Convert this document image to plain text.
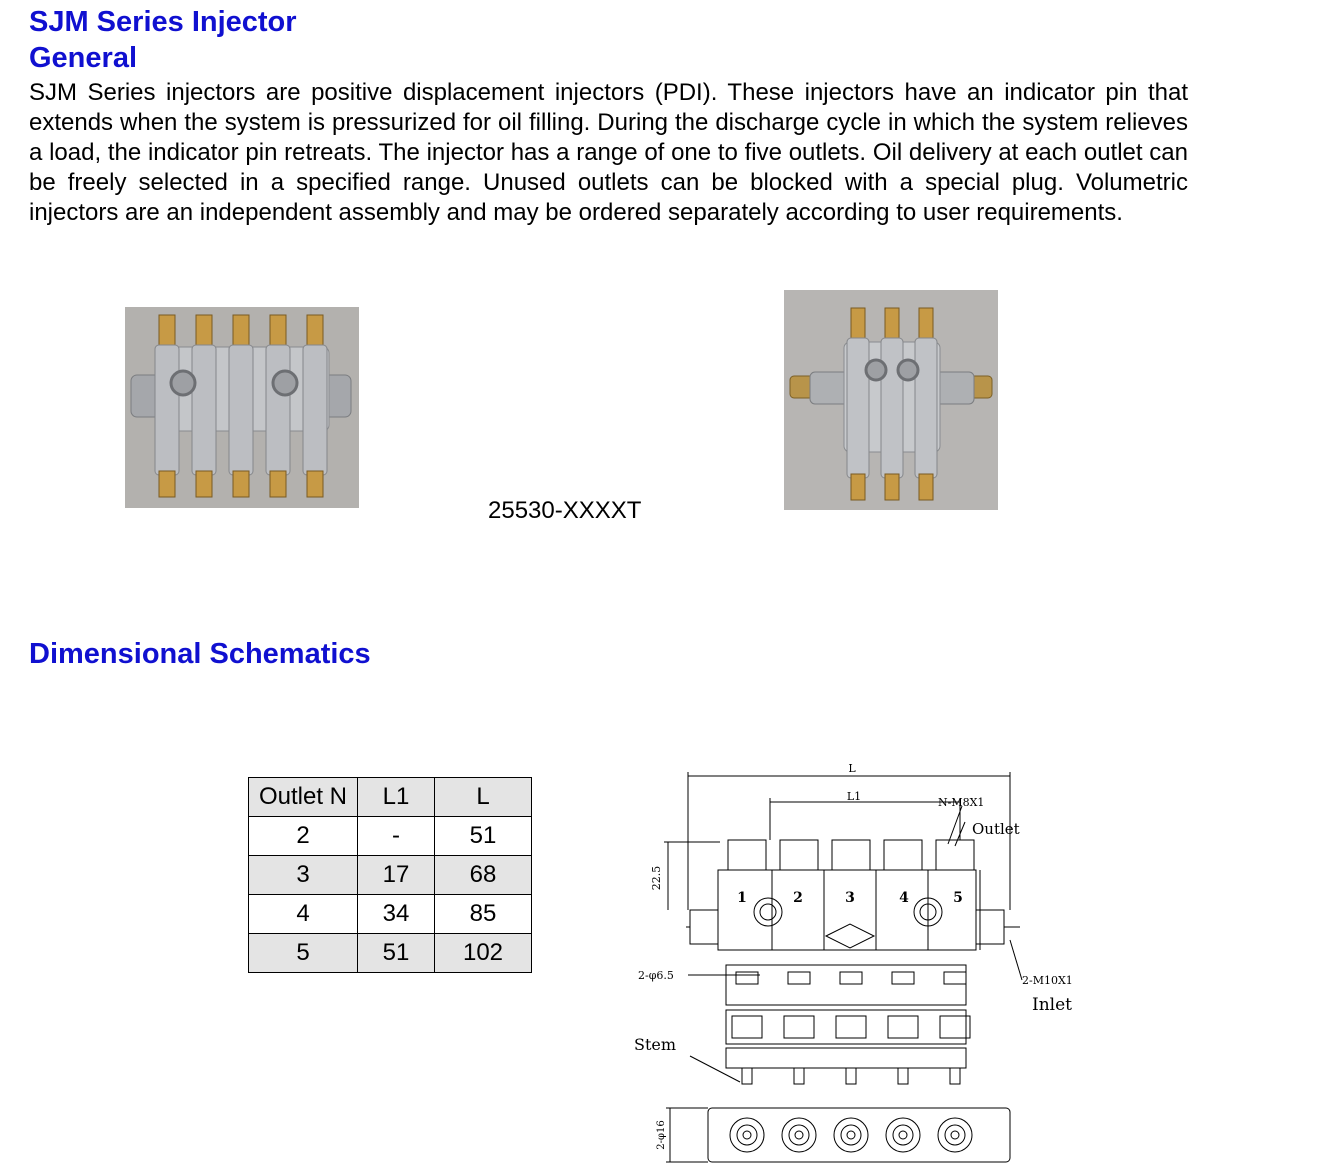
SJM Series Injector
General

SJM Series injectors are positive displacement injectors (PDI). These injectors have an indicator pin that extends when the system is pressurized for oil filling. During the discharge cycle in which the system relieves a load, the indicator pin retreats. The injector has a range of one to five outlets. Oil delivery at each outlet can be freely selected in a specified range. Unused outlets can be blocked with a special plug. Volumetric injectors are an independent assembly and may be ordered separately according to user requirements.

25530-XXXXT
Dimensional Schematics
Outlet N	L1	L
2	-	51
3	17	68
4	34	85
5	51	102
L
L1	N-M8X1
Outlet
22.5
2-φ6.5	2-M10X1
Inlet
Stem
2-φ16
1	2	3	4	5
